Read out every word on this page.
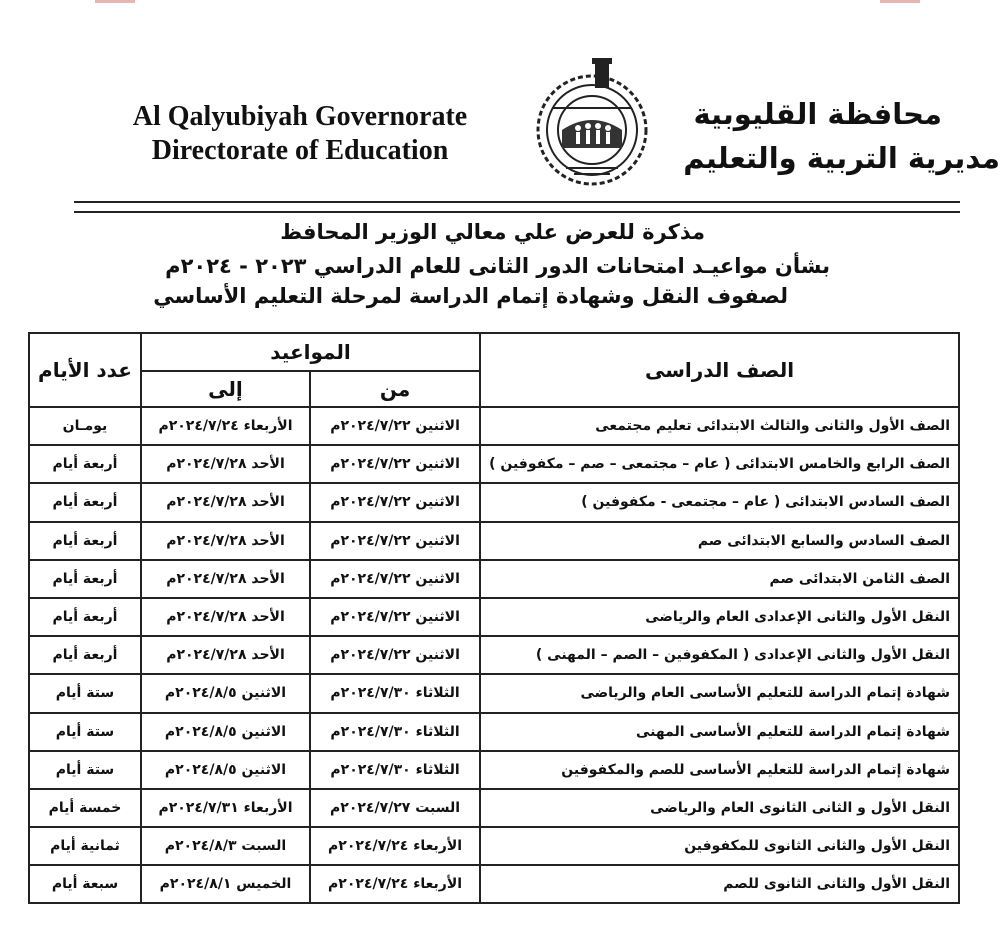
Al Qalyubiyah Governorate
Directorate of Education
محافظة القليوبية
مديرية التربية والتعليم
مذكرة للعرض علي معالي الوزير المحافظ
بشأن مواعيـد امتحانات الدور الثانى للعام الدراسي ٢٠٢٣ - ٢٠٢٤م
لصفوف النقل وشهادة إتمام الدراسة لمرحلة التعليم الأساسي
الصف الدراسى	المواعيد		عدد الأيام
	من	إلى	
الصف الأول والثانى والثالث الابتدائى تعليم مجتمعى	الاثنين ٢٠٢٤/٧/٢٢م	الأربعاء ٢٠٢٤/٧/٢٤م	يومـان
الصف الرابع والخامس الابتدائى ( عام – مجتمعى – صم – مكفوفين )	الاثنين ٢٠٢٤/٧/٢٢م	الأحد ٢٠٢٤/٧/٢٨م	أربعة أيام
الصف السادس الابتدائى ( عام – مجتمعى - مكفوفين )	الاثنين ٢٠٢٤/٧/٢٢م	الأحد ٢٠٢٤/٧/٢٨م	أربعة أيام
الصف السادس والسابع الابتدائى صم	الاثنين ٢٠٢٤/٧/٢٢م	الأحد ٢٠٢٤/٧/٢٨م	أربعة أيام
الصف الثامن الابتدائى صم	الاثنين ٢٠٢٤/٧/٢٢م	الأحد ٢٠٢٤/٧/٢٨م	أربعة أيام
النقل الأول والثانى الإعدادى العام والرياضى	الاثنين ٢٠٢٤/٧/٢٢م	الأحد ٢٠٢٤/٧/٢٨م	أربعة أيام
النقل الأول والثانى الإعدادى ( المكفوفين – الصم – المهنى )	الاثنين ٢٠٢٤/٧/٢٢م	الأحد ٢٠٢٤/٧/٢٨م	أربعة أيام
شهادة إتمام الدراسة للتعليم الأساسى العام والرياضى	الثلاثاء ٢٠٢٤/٧/٣٠م	الاثنين ٢٠٢٤/٨/٥م	ستة أيام
شهادة إتمام الدراسة للتعليم الأساسى المهنى	الثلاثاء ٢٠٢٤/٧/٣٠م	الاثنين ٢٠٢٤/٨/٥م	ستة أيام
شهادة إتمام الدراسة للتعليم الأساسى للصم والمكفوفين	الثلاثاء ٢٠٢٤/٧/٣٠م	الاثنين ٢٠٢٤/٨/٥م	ستة أيام
النقل الأول و الثانى الثانوى العام والرياضى	السبت ٢٠٢٤/٧/٢٧م	الأربعاء ٢٠٢٤/٧/٣١م	خمسة أيام
النقل الأول والثانى الثانوى للمكفوفين	الأربعاء ٢٠٢٤/٧/٢٤م	السبت ٢٠٢٤/٨/٣م	ثمانية أيام
النقل الأول والثانى الثانوى للصم	الأربعاء ٢٠٢٤/٧/٢٤م	الخميس ٢٠٢٤/٨/١م	سبعة أيام
